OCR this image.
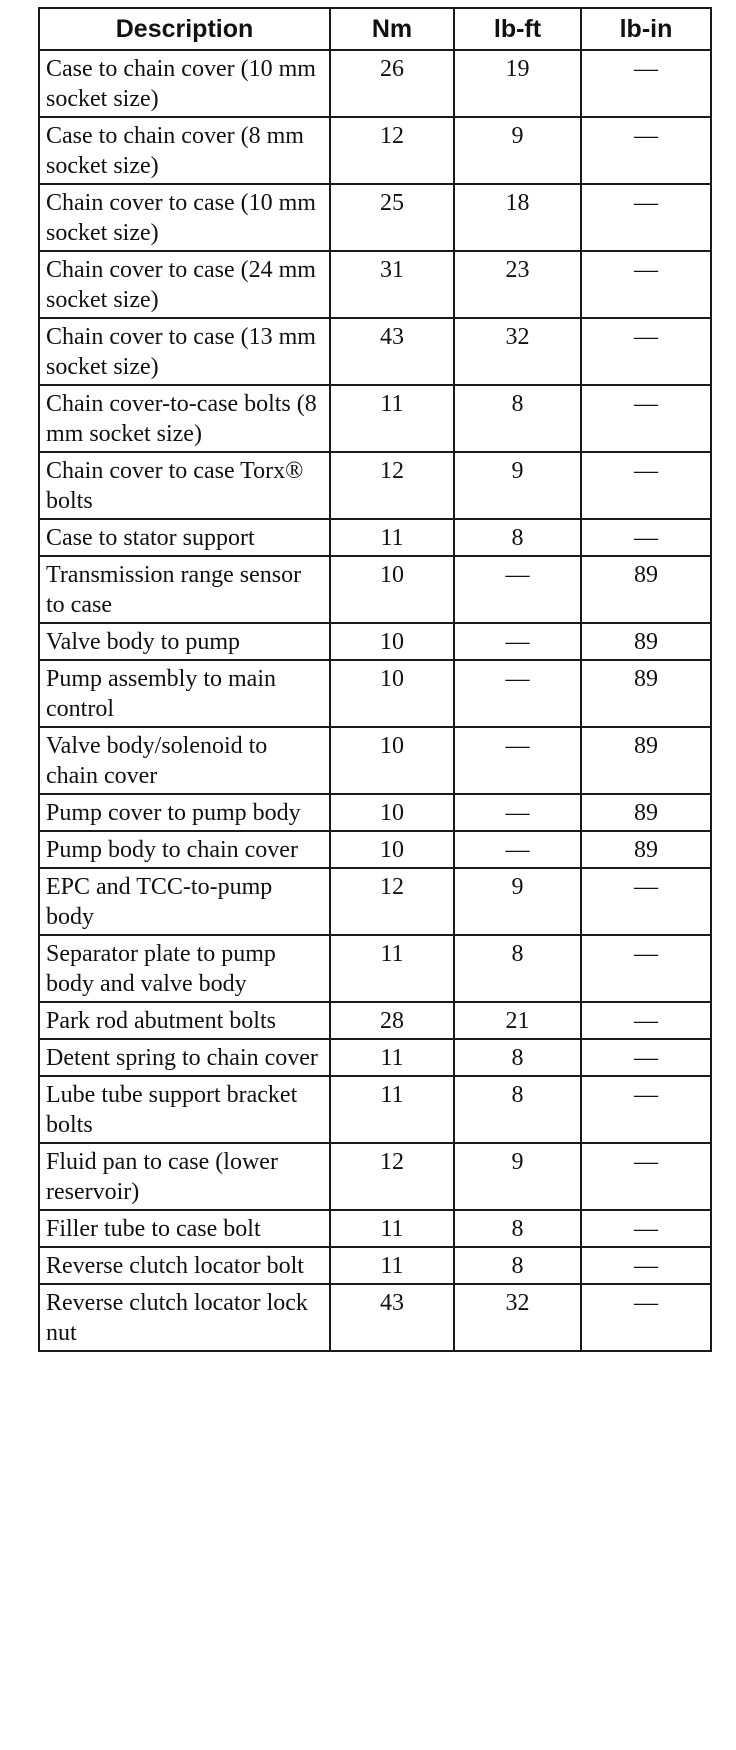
Description	Nm	lb-ft	lb-in
Case to chain cover (10 mm socket size)	26	19	—
Case to chain cover (8 mm socket size)	12	9	—
Chain cover to case (10 mm socket size)	25	18	—
Chain cover to case (24 mm socket size)	31	23	—
Chain cover to case (13 mm socket size)	43	32	—
Chain cover-to-case bolts (8 mm socket size)	11	8	—
Chain cover to case Torx® bolts	12	9	—
Case to stator support	11	8	—
Transmission range sensor to case	10	—	89
Valve body to pump	10	—	89
Pump assembly to main control	10	—	89
Valve body/solenoid to chain cover	10	—	89
Pump cover to pump body	10	—	89
Pump body to chain cover	10	—	89
EPC and TCC-to-pump body	12	9	—
Separator plate to pump body and valve body	11	8	—
Park rod abutment bolts	28	21	—
Detent spring to chain cover	11	8	—
Lube tube support bracket bolts	11	8	—
Fluid pan to case (lower reservoir)	12	9	—
Filler tube to case bolt	11	8	—
Reverse clutch locator bolt	11	8	—
Reverse clutch locator lock nut	43	32	—
